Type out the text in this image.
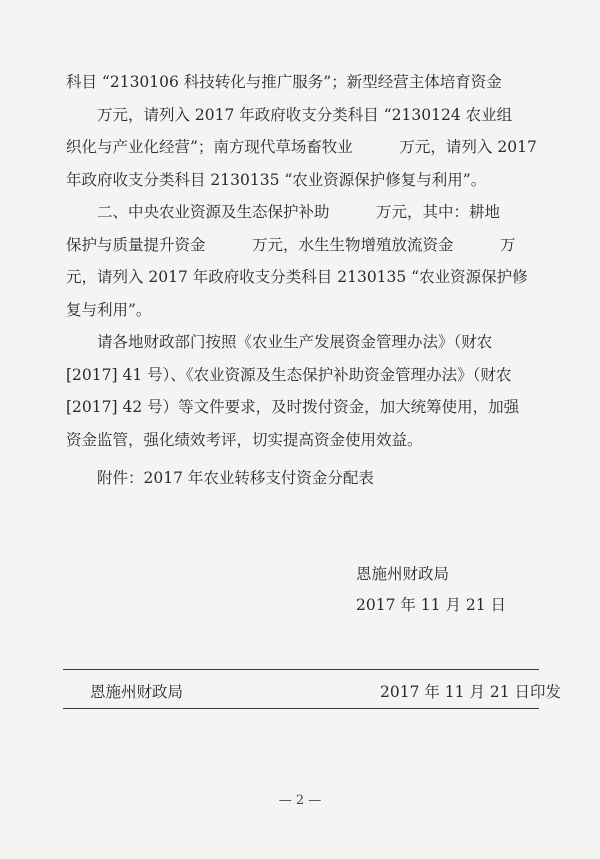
科目 “2130106 科技转化与推广服务”；新型经营主体培育资金
　　万元，请列入 2017 年政府收支分类科目 “2130124 农业组
织化与产业化经营”；南方现代草场畜牧业　　　万元，请列入 2017
年政府收支分类科目 2130135 “农业资源保护修复与利用”。
二、中央农业资源及生态保护补助　　　万元，其中：耕地
保护与质量提升资金　　　万元，水生生物增殖放流资金　　　万
元，请列入 2017 年政府收支分类科目 2130135 “农业资源保护修
复与利用”。
请各地财政部门按照《农业生产发展资金管理办法》（财农
[2017] 41 号）、《农业资源及生态保护补助资金管理办法》（财农
[2017] 42 号）等文件要求，及时拨付资金，加大统筹使用，加强
资金监管，强化绩效考评，切实提高资金使用效益。
附件：2017 年农业转移支付资金分配表
恩施州财政局
2017 年 11 月 21 日
恩施州财政局	2017 年 11 月 21 日印发
— 2 —
